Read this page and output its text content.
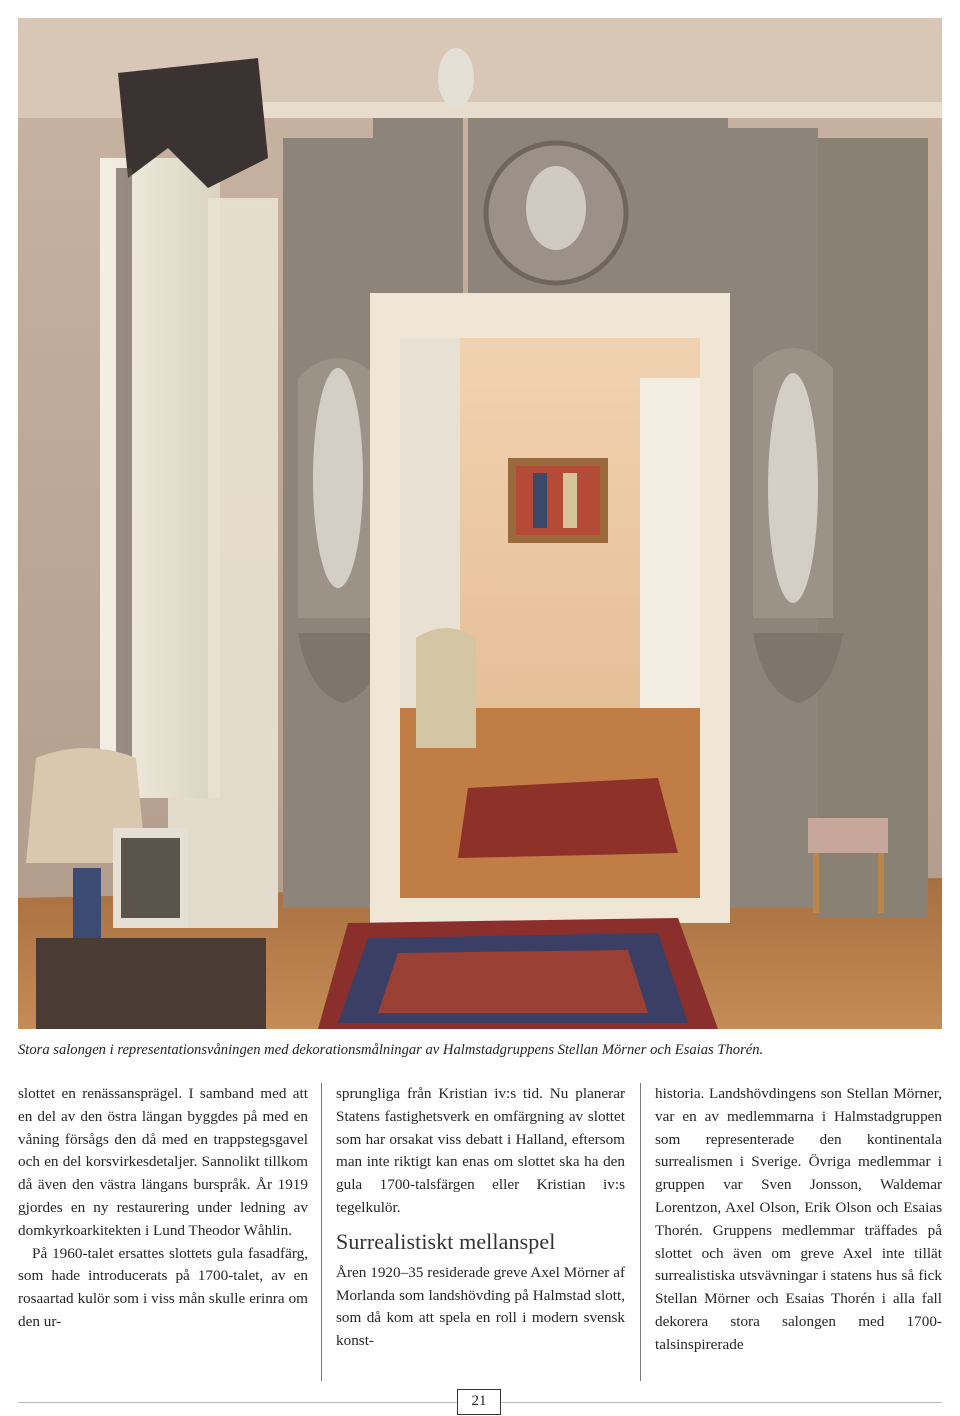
Stora salongen i representationsvåningen med dekorationsmålningar av Halmstadgruppens Stellan Mörner och Esaias Thorén.

slottet en renässansprägel. I samband med att en del av den östra längan byggdes på med en våning försågs den då med en trappstegsgavel och en del korsvirkesdetaljer. Sannolikt tillkom då även den västra längans burspråk. År 1919 gjordes en ny restaurering under ledning av domkyrkoarkitekten i Lund Theodor Wåhlin.

På 1960-talet ersattes slottets gula fasadfärg, som hade introducerats på 1700-talet, av en rosaartad kulör som i viss mån skulle erinra om den ur-

sprungliga från Kristian iv:s tid. Nu planerar Statens fastighetsverk en omfärgning av slottet som har orsakat viss debatt i Halland, eftersom man inte riktigt kan enas om slottet ska ha den gula 1700-talsfärgen eller Kristian iv:s tegelkulör.

Surrealistiskt mellanspel

Åren 1920–35 residerade greve Axel Mörner af Morlanda som landshövding på Halmstad slott, som då kom att spela en roll i modern svensk konst-

historia. Landshövdingens son Stellan Mörner, var en av medlemmarna i Halmstadgruppen som representerade den kontinentala surrealismen i Sverige. Övriga medlemmar i gruppen var Sven Jonsson, Waldemar Lorentzon, Axel Olson, Erik Olson och Esaias Thorén. Gruppens medlemmar träffades på slottet och även om greve Axel inte tillät surrealistiska utsvävningar i statens hus så fick Stellan Mörner och Esaias Thorén i alla fall dekorera stora salongen med 1700-talsinspirerade

21
